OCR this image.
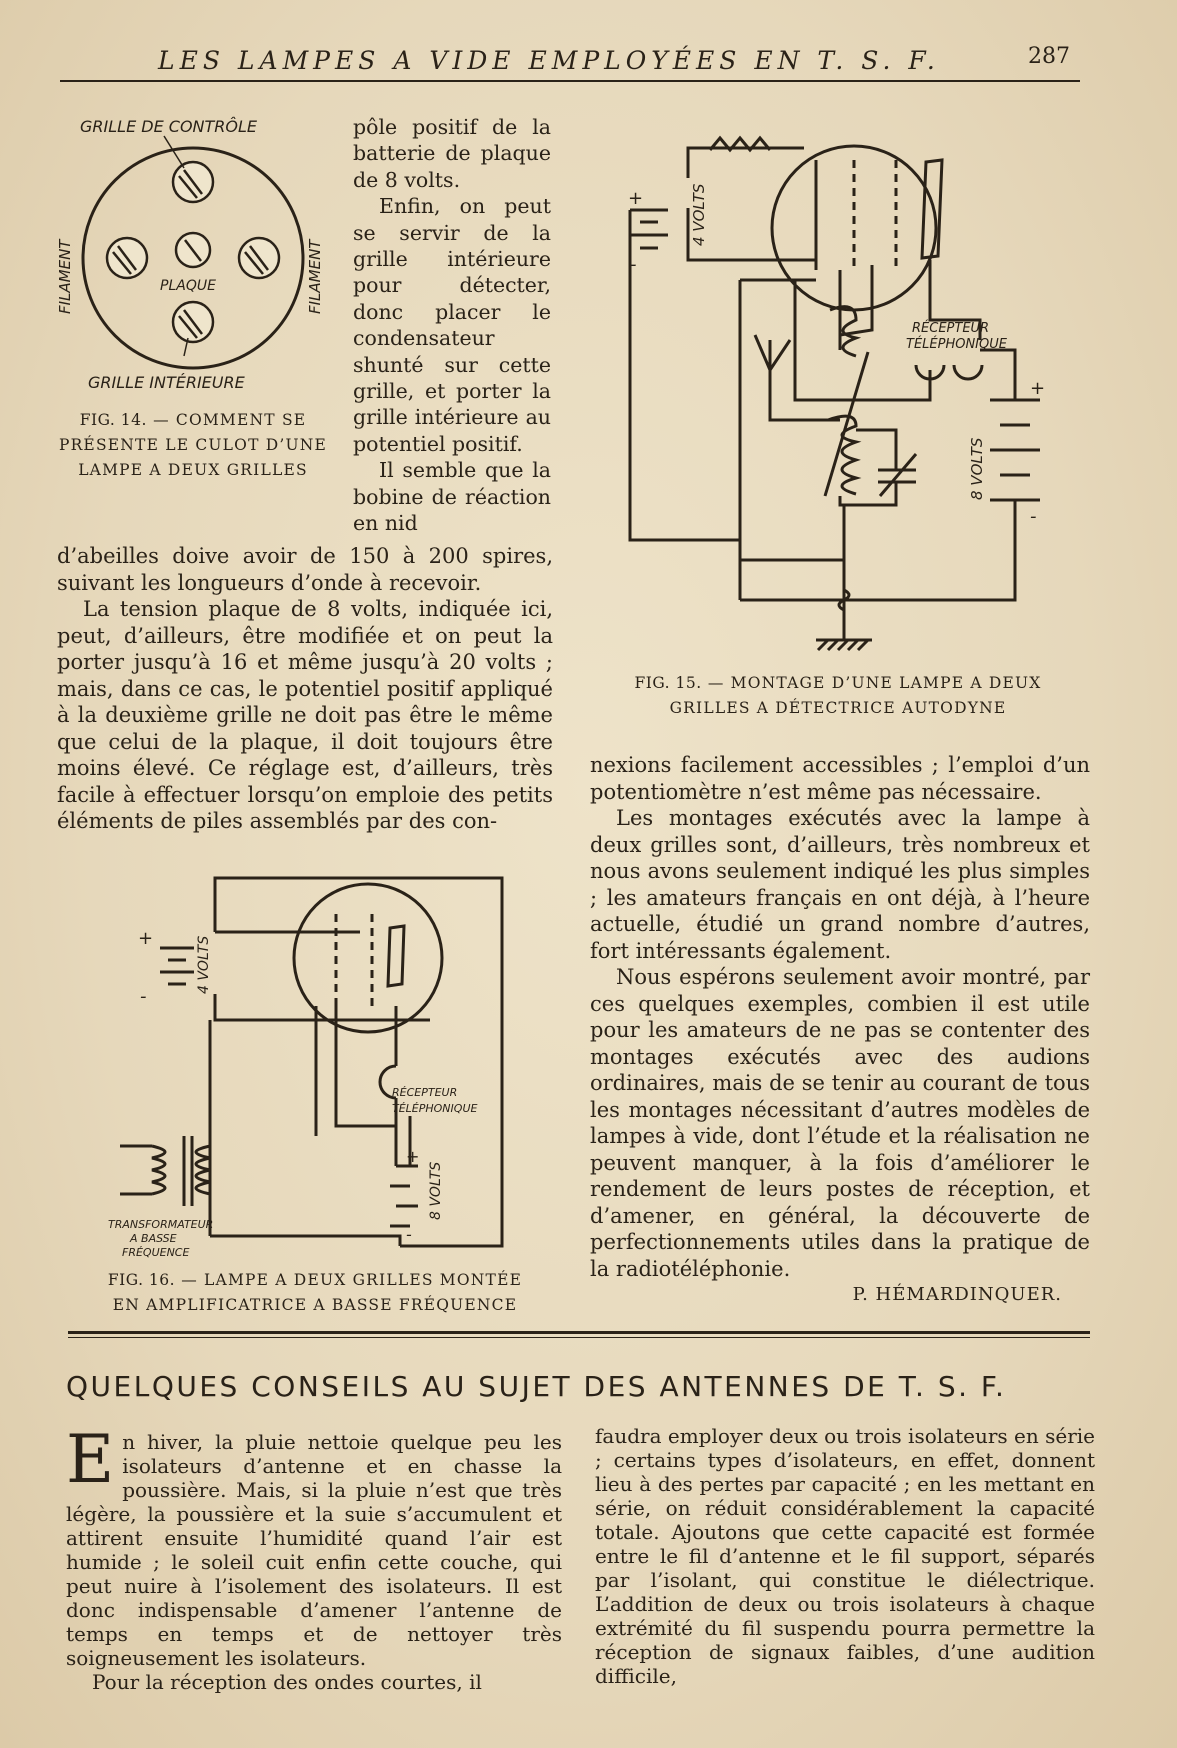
LES LAMPES A VIDE EMPLOYÉES EN T. S. F.	287
GRILLE DE CONTRÔLE
GRILLE INTÉRIEURE
PLAQUE
FILAMENT	FILAMENT
FIG. 14. — COMMENT SE PRÉSENTE LE CULOT D’UNE LAMPE A DEUX GRILLES

pôle positif de la batterie de plaque de 8 volts.

Enfin, on peut se servir de la grille intérieure pour détecter, donc placer le condensateur shunté sur cette grille, et porter la grille intérieure au potentiel positif.

Il semble que la bobine de réaction en nid

d’abeilles doive avoir de 150 à 200 spires, suivant les longueurs d’onde à recevoir.

La tension plaque de 8 volts, indiquée ici, peut, d’ailleurs, être modifiée et on peut la porter jusqu’à 16 et même jusqu’à 20 volts ; mais, dans ce cas, le potentiel positif appliqué à la deuxième grille ne doit pas être le même que celui de la plaque, il doit toujours être moins élevé. Ce réglage est, d’ailleurs, très facile à effectuer lorsqu’on emploie des petits éléments de piles assemblés par des con-

+
-
4 VOLTS
+
-
8 VOLTS
RÉCEPTEUR
TÉLÉPHONIQUE
FIG. 15. — MONTAGE D’UNE LAMPE A DEUX
GRILLES A DÉTECTRICE AUTODYNE

nexions facilement accessibles ; l’emploi d’un potentiomètre n’est même pas nécessaire.

Les montages exécutés avec la lampe à deux grilles sont, d’ailleurs, très nombreux et nous avons seulement indiqué les plus simples ; les amateurs français en ont déjà, à l’heure actuelle, étudié un grand nombre d’autres, fort intéressants également.

Nous espérons seulement avoir montré, par ces quelques exemples, combien il est utile pour les amateurs de ne pas se contenter des montages exécutés avec des audions ordinaires, mais de se tenir au courant de tous les montages nécessitant d’autres modèles de lampes à vide, dont l’étude et la réalisation ne peuvent manquer, à la fois d’améliorer le rendement de leurs postes de réception, et d’amener, en général, la découverte de perfectionnements utiles dans la pratique de la radiotéléphonie.

P. HÉMARDINQUER.

+
-
4 VOLTS
+
-
8 VOLTS
RÉCEPTEUR
TÉLÉPHONIQUE
TRANSFORMATEUR
A BASSE
FRÉQUENCE
FIG. 16. — LAMPE A DEUX GRILLES MONTÉE
EN AMPLIFICATRICE A BASSE FRÉQUENCE
QUELQUES CONSEILS AU SUJET DES ANTENNES DE T. S. F.

En hiver, la pluie nettoie quelque peu les isolateurs d’antenne et en chasse la poussière. Mais, si la pluie n’est que très légère, la poussière et la suie s’accumulent et attirent ensuite l’humidité quand l’air est humide ; le soleil cuit enfin cette couche, qui peut nuire à l’isolement des isolateurs. Il est donc indispensable d’amener l’antenne de temps en temps et de nettoyer très soigneusement les isolateurs.

Pour la réception des ondes courtes, il

faudra employer deux ou trois isolateurs en série ; certains types d’isolateurs, en effet, donnent lieu à des pertes par capacité ; en les mettant en série, on réduit considérablement la capacité totale. Ajoutons que cette capacité est formée entre le fil d’antenne et le fil support, séparés par l’isolant, qui constitue le diélectrique. L’addition de deux ou trois isolateurs à chaque extrémité du fil suspendu pourra permettre la réception de signaux faibles, d’une audition difficile,
